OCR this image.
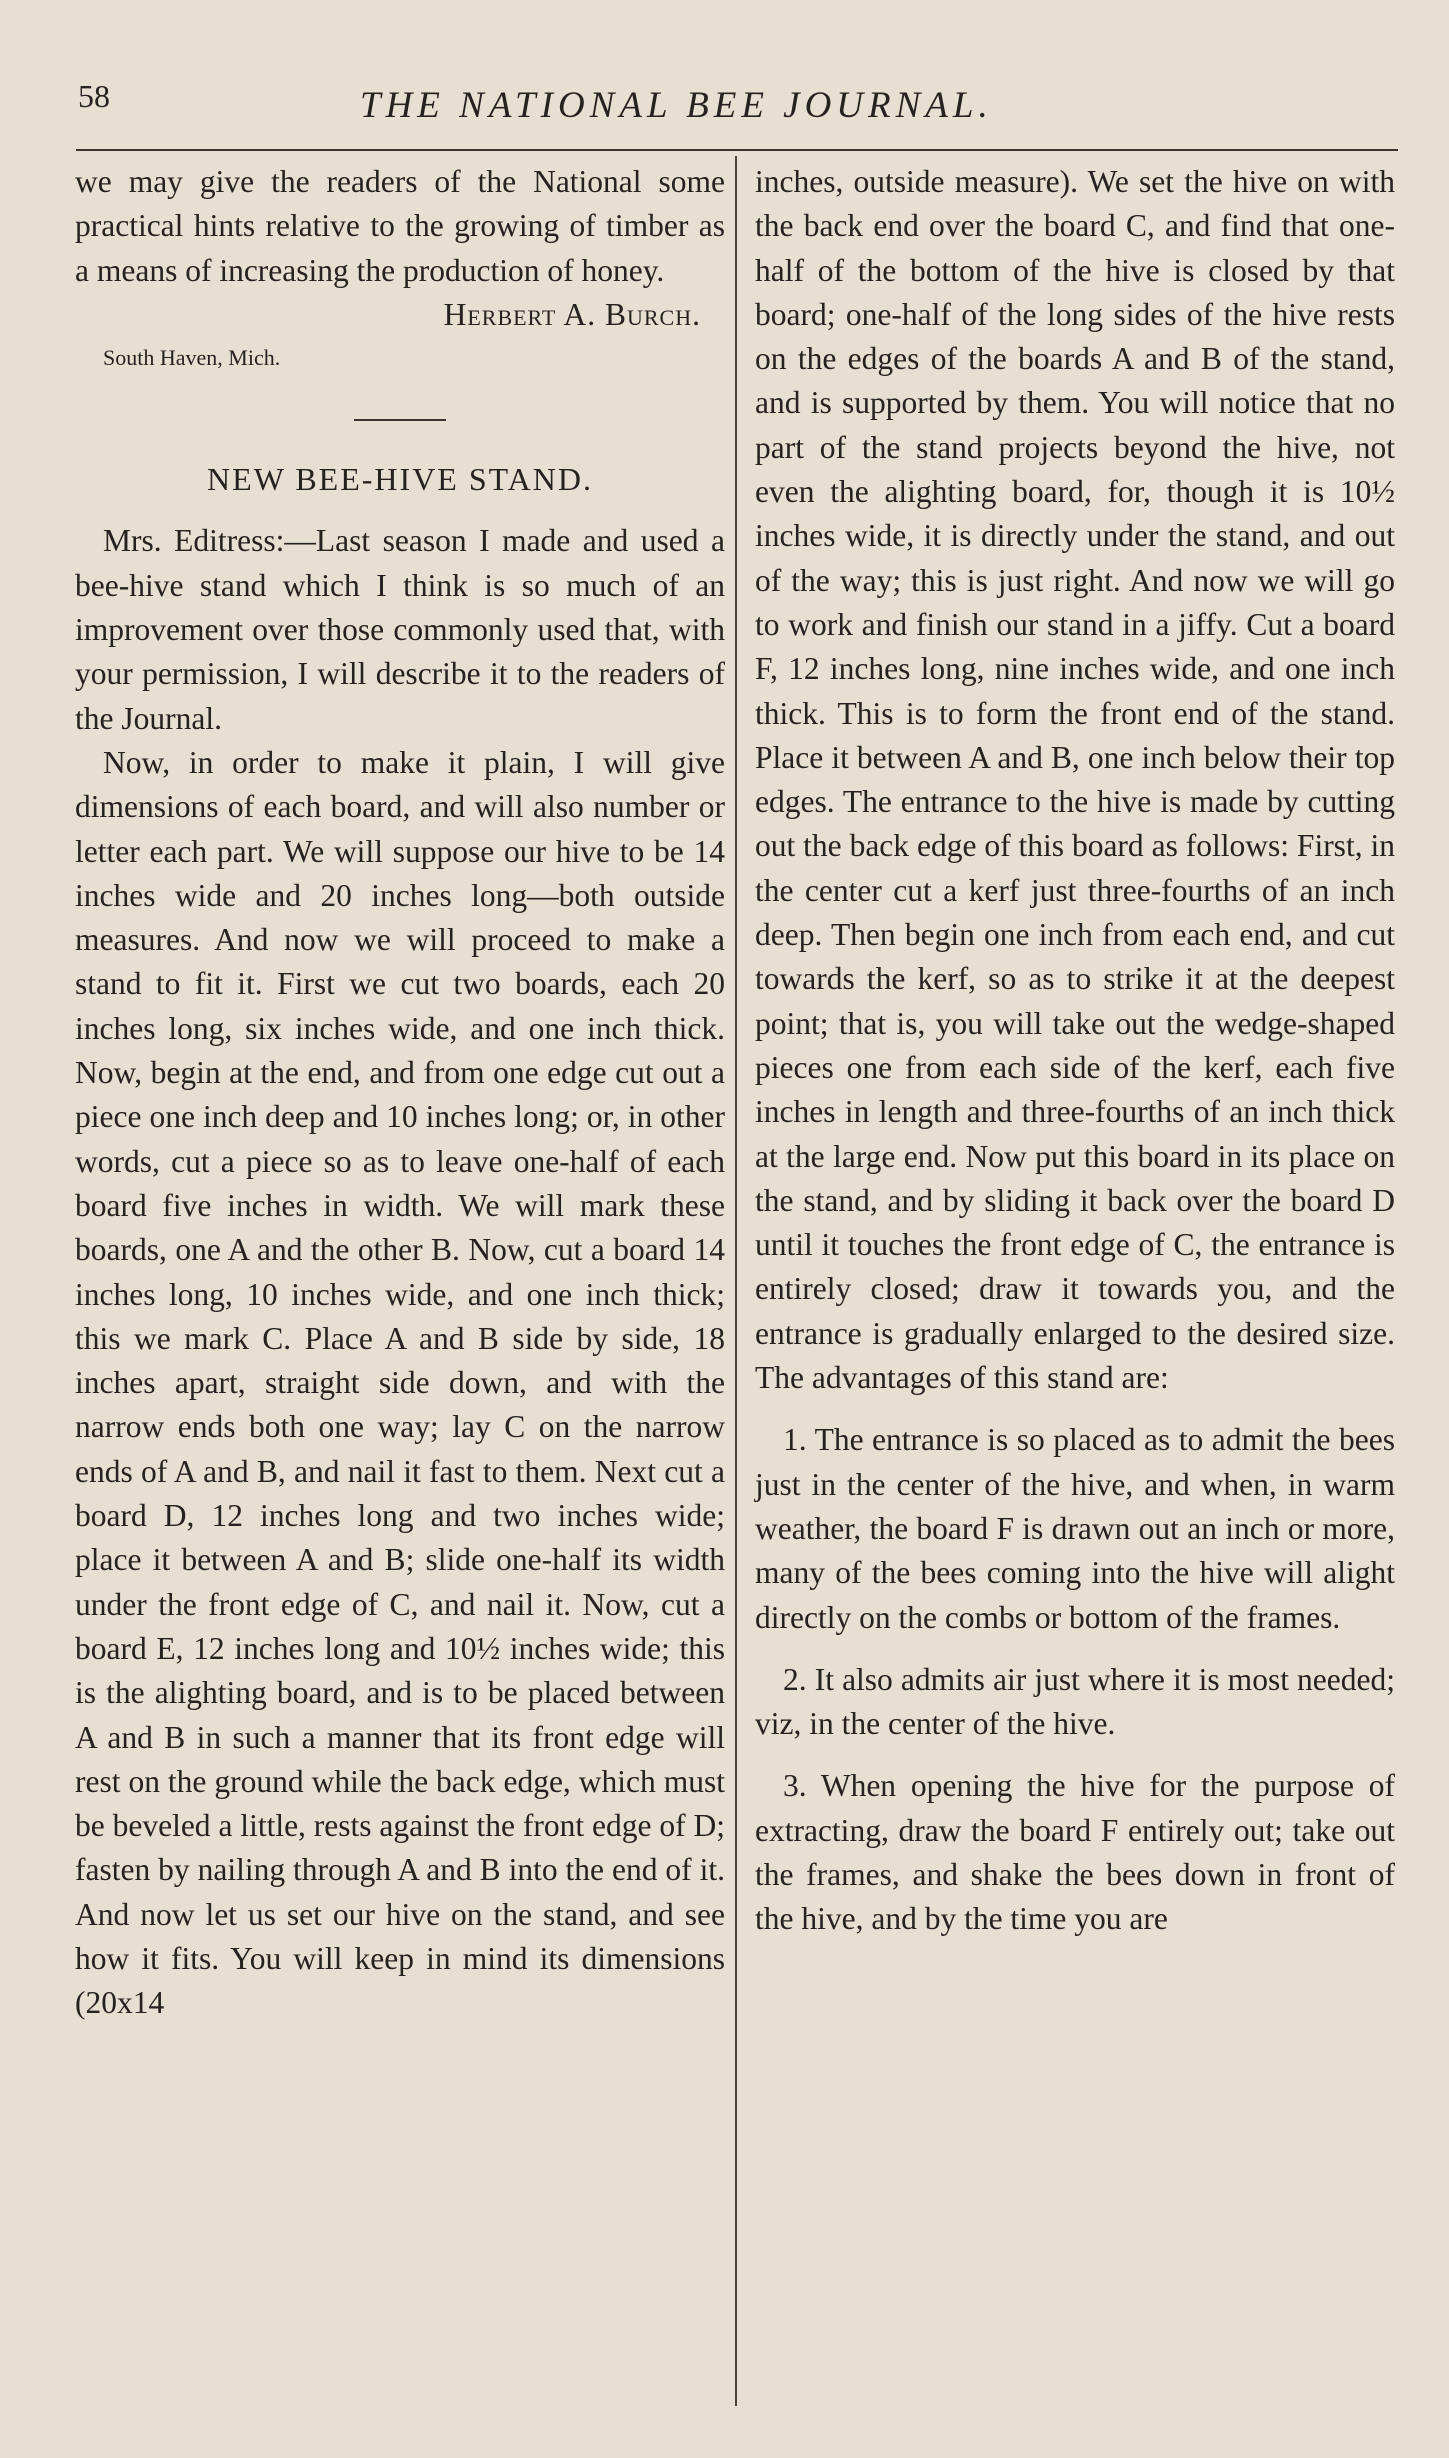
58	THE NATIONAL BEE JOURNAL.

we may give the readers of the National some practical hints relative to the growing of timber as a means of increasing the production of honey.

Herbert A. Burch.

South Haven, Mich.
NEW BEE-HIVE STAND.

Mrs. Editress:—Last season I made and used a bee-hive stand which I think is so much of an improvement over those commonly used that, with your permission, I will describe it to the readers of the Journal.

Now, in order to make it plain, I will give dimensions of each board, and will also number or letter each part. We will suppose our hive to be 14 inches wide and 20 inches long—both outside measures. And now we will proceed to make a stand to fit it. First we cut two boards, each 20 inches long, six inches wide, and one inch thick. Now, begin at the end, and from one edge cut out a piece one inch deep and 10 inches long; or, in other words, cut a piece so as to leave one-half of each board five inches in width. We will mark these boards, one A and the other B. Now, cut a board 14 inches long, 10 inches wide, and one inch thick; this we mark C. Place A and B side by side, 18 inches apart, straight side down, and with the narrow ends both one way; lay C on the narrow ends of A and B, and nail it fast to them. Next cut a board D, 12 inches long and two inches wide; place it between A and B; slide one-half its width under the front edge of C, and nail it. Now, cut a board E, 12 inches long and 10½ inches wide; this is the alighting board, and is to be placed between A and B in such a manner that its front edge will rest on the ground while the back edge, which must be beveled a little, rests against the front edge of D; fasten by nailing through A and B into the end of it. And now let us set our hive on the stand, and see how it fits. You will keep in mind its dimensions (20x14

inches, outside measure). We set the hive on with the back end over the board C, and find that one-half of the bottom of the hive is closed by that board; one-half of the long sides of the hive rests on the edges of the boards A and B of the stand, and is supported by them. You will notice that no part of the stand projects beyond the hive, not even the alighting board, for, though it is 10½ inches wide, it is directly under the stand, and out of the way; this is just right. And now we will go to work and finish our stand in a jiffy. Cut a board F, 12 inches long, nine inches wide, and one inch thick. This is to form the front end of the stand. Place it between A and B, one inch below their top edges. The entrance to the hive is made by cutting out the back edge of this board as follows: First, in the center cut a kerf just three-fourths of an inch deep. Then begin one inch from each end, and cut towards the kerf, so as to strike it at the deepest point; that is, you will take out the wedge-shaped pieces one from each side of the kerf, each five inches in length and three-fourths of an inch thick at the large end. Now put this board in its place on the stand, and by sliding it back over the board D until it touches the front edge of C, the entrance is entirely closed; draw it towards you, and the entrance is gradually enlarged to the desired size. The advantages of this stand are:

1. The entrance is so placed as to admit the bees just in the center of the hive, and when, in warm weather, the board F is drawn out an inch or more, many of the bees coming into the hive will alight directly on the combs or bottom of the frames.

2. It also admits air just where it is most needed; viz, in the center of the hive.

3. When opening the hive for the purpose of extracting, draw the board F entirely out; take out the frames, and shake the bees down in front of the hive, and by the time you are
